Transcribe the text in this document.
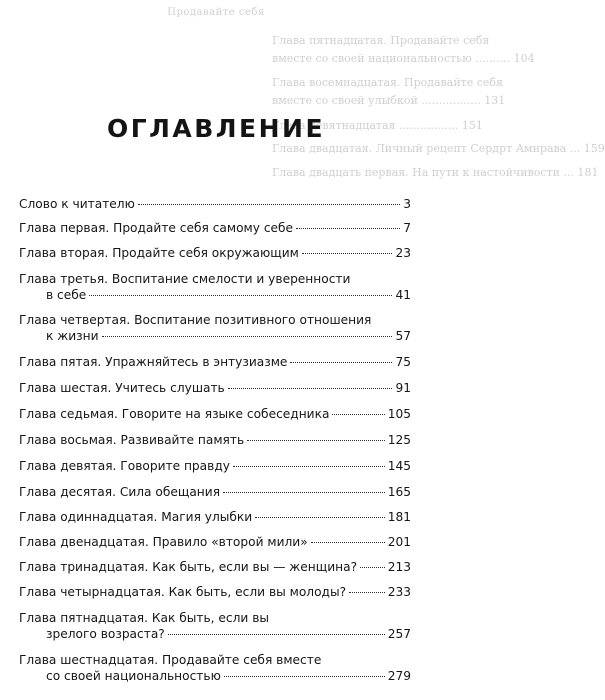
Продавайте себя
Глава пятнадцатая. Продавайте себя
вместе со своей национальностью .......... 104
Глава восемнадцатая. Продавайте себя
вместе со своей улыбкой ................. 131
Глава девятнадцатая ................. 151
Глава двадцатая. Личный рецепт Сердрт Амнрава ... 159
Глава двадцать первая. На пути к настойчивости ... 181
ОГЛАВЛЕНИЕ
Слово к читателю	3
Глава первая. Продайте себя самому себе	7
Глава вторая. Продайте себя окружающим	23
Глава третья. Воспитание смелости и уверенности
в себе	41
Глава четвертая. Воспитание позитивного отношения
к жизни	57
Глава пятая. Упражняйтесь в энтузиазме	75
Глава шестая. Учитесь слушать	91
Глава седьмая. Говорите на языке собеседника	105
Глава восьмая. Развивайте память	125
Глава девятая. Говорите правду	145
Глава десятая. Сила обещания	165
Глава одиннадцатая. Магия улыбки	181
Глава двенадцатая. Правило «второй мили»	201
Глава тринадцатая. Как быть, если вы — женщина?	213
Глава четырнадцатая. Как быть, если вы молоды?	233
Глава пятнадцатая. Как быть, если вы
зрелого возраста?	257
Глава шестнадцатая. Продавайте себя вместе
со своей национальностью	279
